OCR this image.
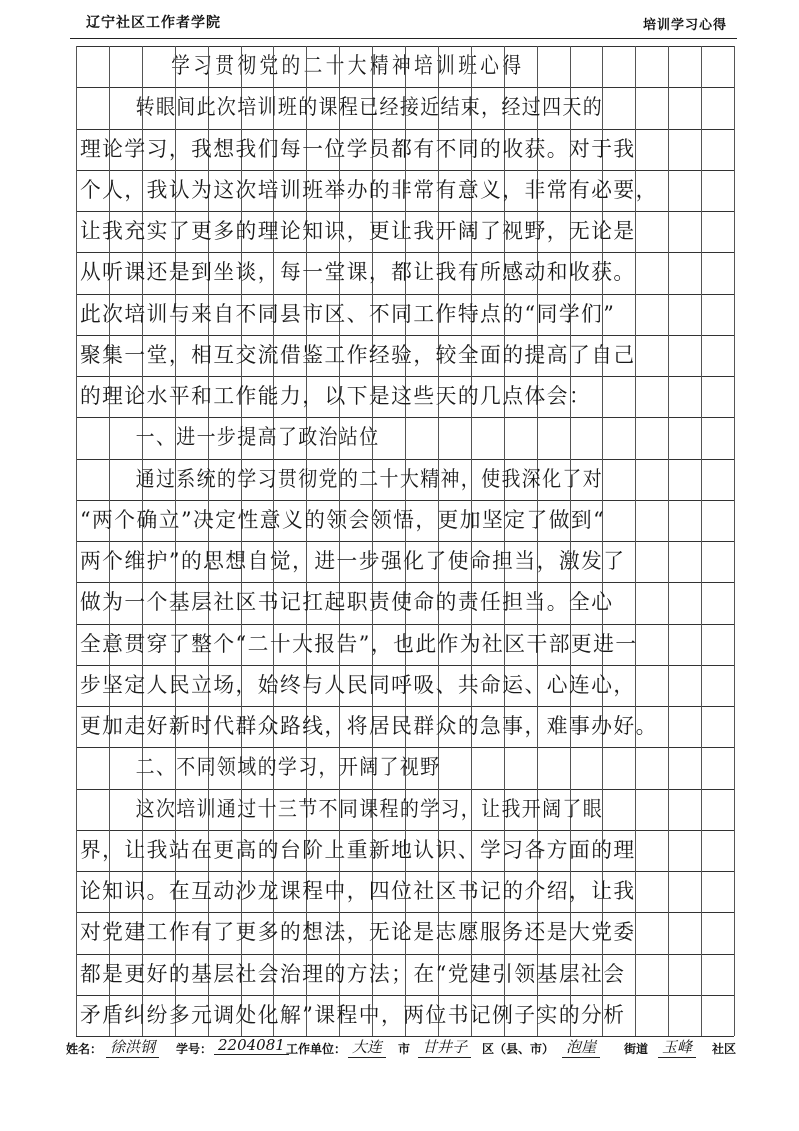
辽宁社区工作者学院	培训学习心得
学习贯彻党的二十大精神培训班心得
转眼间此次培训班的课程已经接近结束，经过四天的
理论学习，我想我们每一位学员都有不同的收获。对于我
个人，我认为这次培训班举办的非常有意义，非常有必要，
让我充实了更多的理论知识，更让我开阔了视野，无论是
从听课还是到坐谈，每一堂课，都让我有所感动和收获。
此次培训与来自不同县市区、不同工作特点的“同学们”
聚集一堂，相互交流借鉴工作经验，较全面的提高了自己
的理论水平和工作能力，以下是这些天的几点体会：
一、进一步提高了政治站位
通过系统的学习贯彻党的二十大精神，使我深化了对
“两个确立”决定性意义的领会领悟，更加坚定了做到“
两个维护”的思想自觉，进一步强化了使命担当，激发了
做为一个基层社区书记扛起职责使命的责任担当。全心
全意贯穿了整个“二十大报告”，也此作为社区干部更进一
步坚定人民立场，始终与人民同呼吸、共命运、心连心，
更加走好新时代群众路线，将居民群众的急事，难事办好。
二、不同领域的学习，开阔了视野
这次培训通过十三节不同课程的学习，让我开阔了眼
界，让我站在更高的台阶上重新地认识、学习各方面的理
论知识。在互动沙龙课程中，四位社区书记的介绍，让我
对党建工作有了更多的想法，无论是志愿服务还是大党委
都是更好的基层社会治理的方法；在“党建引领基层社会
矛盾纠纷多元调处化解”课程中，两位书记例子实的分析
姓名： 徐洪钢	学号： 2204081 工作单位： 大连	市 甘井子	区（县、市） 泡崖	街道 玉峰	社区
